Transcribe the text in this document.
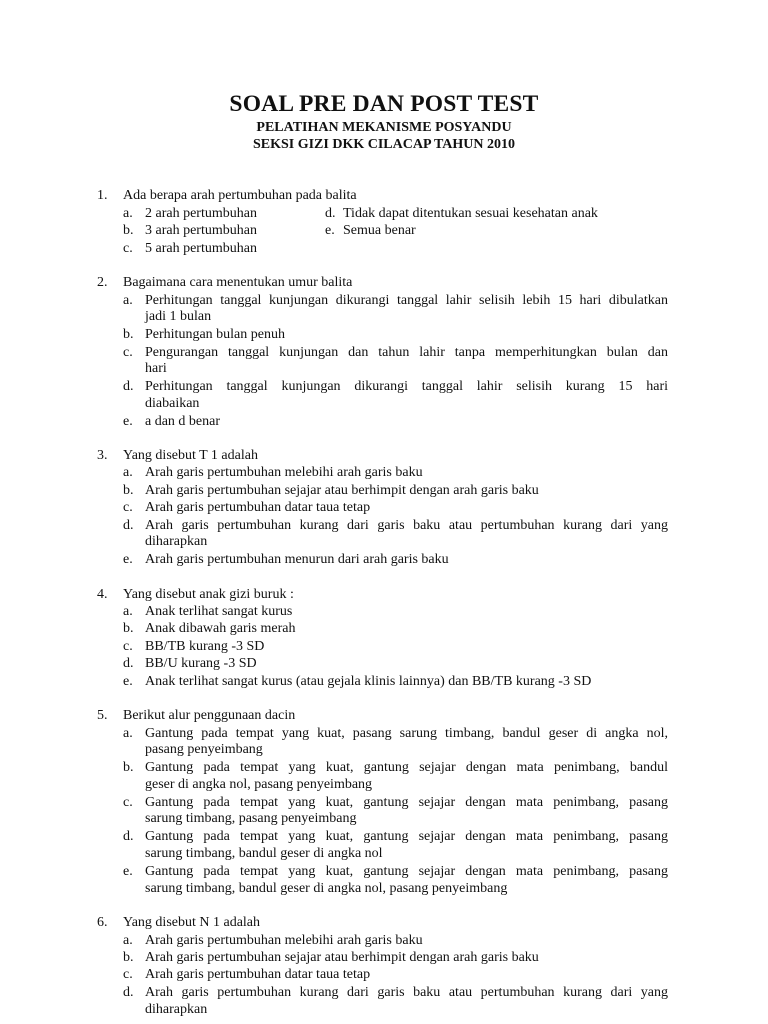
SOAL PRE DAN POST TEST
PELATIHAN MEKANISME POSYANDU
SEKSI GIZI DKK CILACAP TAHUN 2010
1. Ada berapa arah pertumbuhan pada balita
a. 2 arah pertumbuhan	d. Tidak dapat ditentukan sesuai kesehatan anak
b. 3 arah pertumbuhan	e. Semua benar
c. 5 arah pertumbuhan
2. Bagaimana cara menentukan umur balita
a. Perhitungan tanggal kunjungan dikurangi tanggal lahir selisih lebih 15 hari dibulatkan
jadi 1 bulan
b. Perhitungan bulan penuh
c. Pengurangan tanggal kunjungan dan tahun lahir tanpa memperhitungkan bulan dan
hari
d. Perhitungan tanggal kunjungan dikurangi tanggal lahir selisih kurang 15 hari
diabaikan
e. a dan d benar
3. Yang disebut T 1 adalah
a. Arah garis pertumbuhan melebihi arah garis baku
b. Arah garis pertumbuhan sejajar atau berhimpit dengan arah garis baku
c. Arah garis pertumbuhan datar taua tetap
d. Arah garis pertumbuhan kurang dari garis baku atau pertumbuhan kurang dari yang
diharapkan
e. Arah garis pertumbuhan menurun dari arah garis baku
4. Yang disebut anak gizi buruk :
a. Anak terlihat sangat kurus
b. Anak dibawah garis merah
c. BB/TB kurang -3 SD
d. BB/U kurang -3 SD
e. Anak terlihat sangat kurus (atau gejala klinis lainnya) dan BB/TB kurang -3 SD
5. Berikut alur penggunaan dacin
a. Gantung pada tempat yang kuat, pasang sarung timbang, bandul geser di angka nol,
pasang penyeimbang
b. Gantung pada tempat yang kuat, gantung sejajar dengan mata penimbang, bandul
geser di angka nol, pasang penyeimbang
c. Gantung pada tempat yang kuat, gantung sejajar dengan mata penimbang, pasang
sarung timbang, pasang penyeimbang
d. Gantung pada tempat yang kuat, gantung sejajar dengan mata penimbang, pasang
sarung timbang, bandul geser di angka nol
e. Gantung pada tempat yang kuat, gantung sejajar dengan mata penimbang, pasang
sarung timbang, bandul geser di angka nol, pasang penyeimbang
6. Yang disebut N 1 adalah
a. Arah garis pertumbuhan melebihi arah garis baku
b. Arah garis pertumbuhan sejajar atau berhimpit dengan arah garis baku
c. Arah garis pertumbuhan datar taua tetap
d. Arah garis pertumbuhan kurang dari garis baku atau pertumbuhan kurang dari yang
diharapkan
